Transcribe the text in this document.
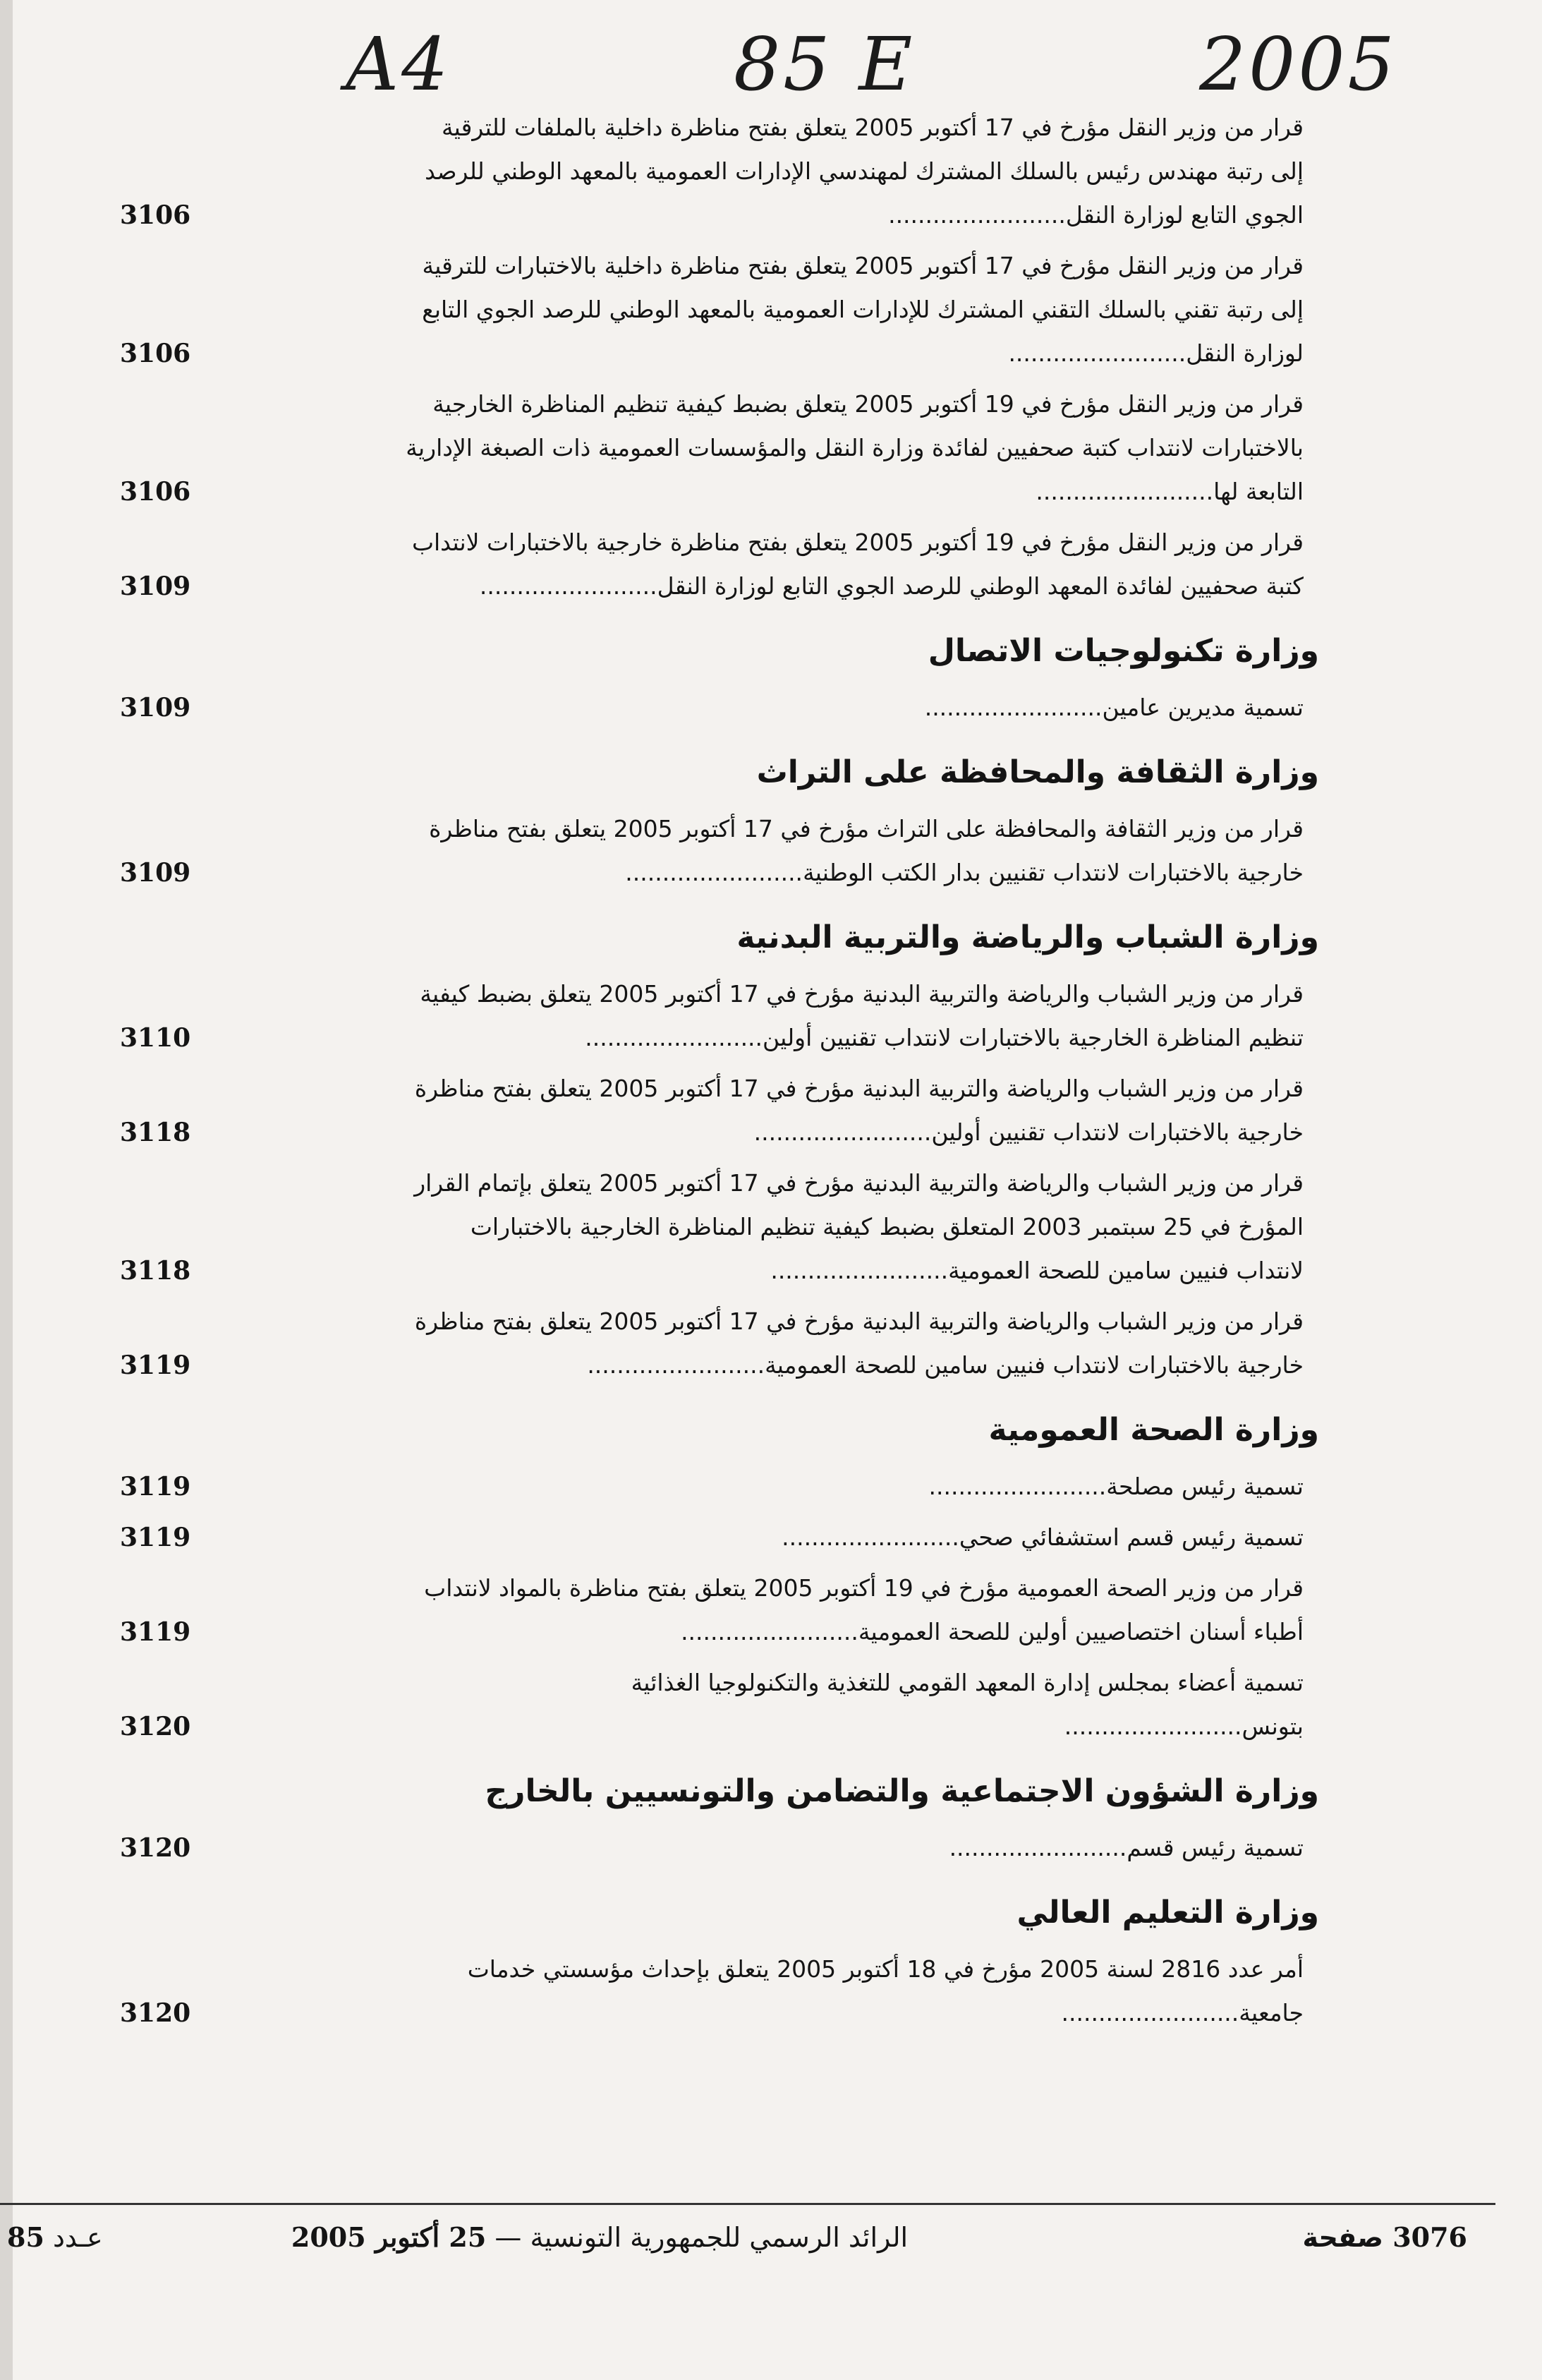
A4	85 E	2005
قرار من وزير النقل مؤرخ في 17 أكتوبر 2005 يتعلق بفتح مناظرة داخلية بالملفات للترقية إلى رتبة مهندس رئيس بالسلك المشترك لمهندسي الإدارات العمومية بالمعهد الوطني للرصد الجوي التابع لوزارة النقل........................
3106
قرار من وزير النقل مؤرخ في 17 أكتوبر 2005 يتعلق بفتح مناظرة داخلية بالاختبارات للترقية إلى رتبة تقني بالسلك التقني المشترك للإدارات العمومية بالمعهد الوطني للرصد الجوي التابع لوزارة النقل........................
3106
قرار من وزير النقل مؤرخ في 19 أكتوبر 2005 يتعلق بضبط كيفية تنظيم المناظرة الخارجية بالاختبارات لانتداب كتبة صحفيين لفائدة وزارة النقل والمؤسسات العمومية ذات الصبغة الإدارية التابعة لها........................
3106
قرار من وزير النقل مؤرخ في 19 أكتوبر 2005 يتعلق بفتح مناظرة خارجية بالاختبارات لانتداب كتبة صحفيين لفائدة المعهد الوطني للرصد الجوي التابع لوزارة النقل........................
3109
وزارة تكنولوجيات الاتصال
تسمية مديرين عامين........................
3109
وزارة الثقافة والمحافظة على التراث
قرار من وزير الثقافة والمحافظة على التراث مؤرخ في 17 أكتوبر 2005 يتعلق بفتح مناظرة خارجية بالاختبارات لانتداب تقنيين بدار الكتب الوطنية........................
3109
وزارة الشباب والرياضة والتربية البدنية
قرار من وزير الشباب والرياضة والتربية البدنية مؤرخ في 17 أكتوبر 2005 يتعلق بضبط كيفية تنظيم المناظرة الخارجية بالاختبارات لانتداب تقنيين أولين........................
3110
قرار من وزير الشباب والرياضة والتربية البدنية مؤرخ في 17 أكتوبر 2005 يتعلق بفتح مناظرة خارجية بالاختبارات لانتداب تقنيين أولين........................
3118
قرار من وزير الشباب والرياضة والتربية البدنية مؤرخ في 17 أكتوبر 2005 يتعلق بإتمام القرار المؤرخ في 25 سبتمبر 2003 المتعلق بضبط كيفية تنظيم المناظرة الخارجية بالاختبارات لانتداب فنيين سامين للصحة العمومية........................
3118
قرار من وزير الشباب والرياضة والتربية البدنية مؤرخ في 17 أكتوبر 2005 يتعلق بفتح مناظرة خارجية بالاختبارات لانتداب فنيين سامين للصحة العمومية........................
3119
وزارة الصحة العمومية
تسمية رئيس مصلحة........................
3119
تسمية رئيس قسم استشفائي صحي........................
3119
قرار من وزير الصحة العمومية مؤرخ في 19 أكتوبر 2005 يتعلق بفتح مناظرة بالمواد لانتداب أطباء أسنان اختصاصيين أولين للصحة العمومية........................
3119
تسمية أعضاء بمجلس إدارة المعهد القومي للتغذية والتكنولوجيا الغذائية بتونس........................
3120
وزارة الشؤون الاجتماعية والتضامن والتونسيين بالخارج
تسمية رئيس قسم........................
3120
وزارة التعليم العالي
أمر عدد 2816 لسنة 2005 مؤرخ في 18 أكتوبر 2005 يتعلق بإحداث مؤسستي خدمات جامعية........................
3120
3076 صفحة
الرائد الرسمي للجمهورية التونسية — 25 أكتوبر 2005
عـدد 85
